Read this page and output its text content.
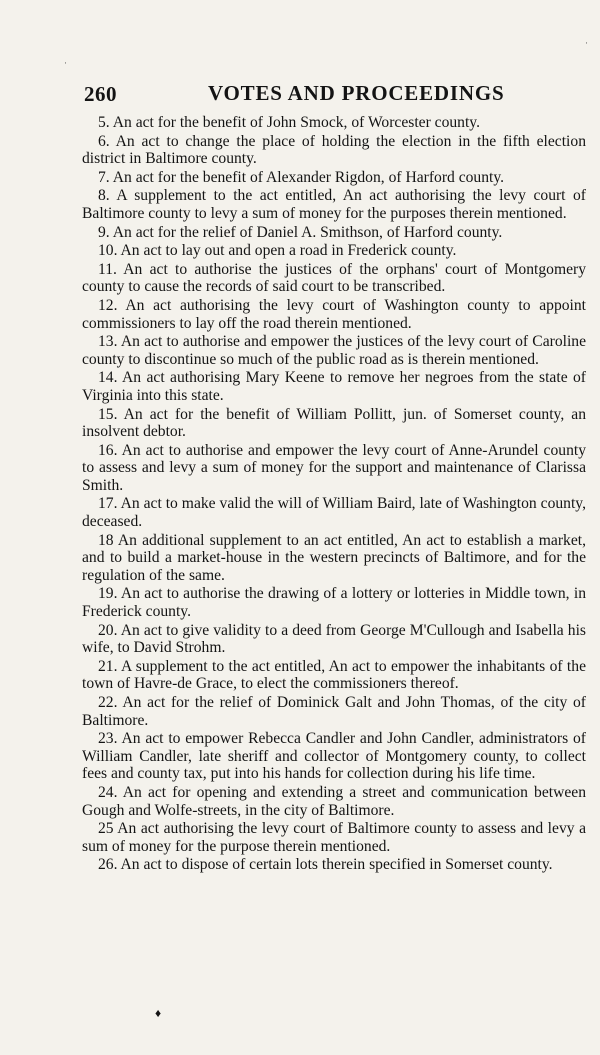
260	VOTES AND PROCEEDINGS
5. An act for the benefit of John Smock, of Worcester county.
6. An act to change the place of holding the election in the fifth election district in Baltimore county.
7. An act for the benefit of Alexander Rigdon, of Harford county.
8. A supplement to the act entitled, An act authorising the levy court of Baltimore county to levy a sum of money for the purposes therein mentioned.
9. An act for the relief of Daniel A. Smithson, of Harford county.
10. An act to lay out and open a road in Frederick county.
11. An act to authorise the justices of the orphans' court of Montgomery county to cause the records of said court to be transcribed.
12. An act authorising the levy court of Washington county to appoint commissioners to lay off the road therein mentioned.
13. An act to authorise and empower the justices of the levy court of Caroline county to discontinue so much of the public road as is therein mentioned.
14. An act authorising Mary Keene to remove her negroes from the state of Virginia into this state.
15. An act for the benefit of William Pollitt, jun. of Somerset county, an insolvent debtor.
16. An act to authorise and empower the levy court of Anne-Arundel county to assess and levy a sum of money for the support and maintenance of Clarissa Smith.
17. An act to make valid the will of William Baird, late of Washington county, deceased.
18 An additional supplement to an act entitled, An act to establish a market, and to build a market-house in the western precincts of Baltimore, and for the regulation of the same.
19. An act to authorise the drawing of a lottery or lotteries in Middle town, in Frederick county.
20. An act to give validity to a deed from George M'Cullough and Isabella his wife, to David Strohm.
21. A supplement to the act entitled, An act to empower the inhabitants of the town of Havre-de Grace, to elect the commissioners thereof.
22. An act for the relief of Dominick Galt and John Thomas, of the city of Baltimore.
23. An act to empower Rebecca Candler and John Candler, administrators of William Candler, late sheriff and collector of Montgomery county, to collect fees and county tax, put into his hands for collection during his life time.
24. An act for opening and extending a street and communication between Gough and Wolfe-streets, in the city of Baltimore.
25 An act authorising the levy court of Baltimore county to assess and levy a sum of money for the purpose therein mentioned.
26. An act to dispose of certain lots therein specified in Somerset county.
·
·
♦
